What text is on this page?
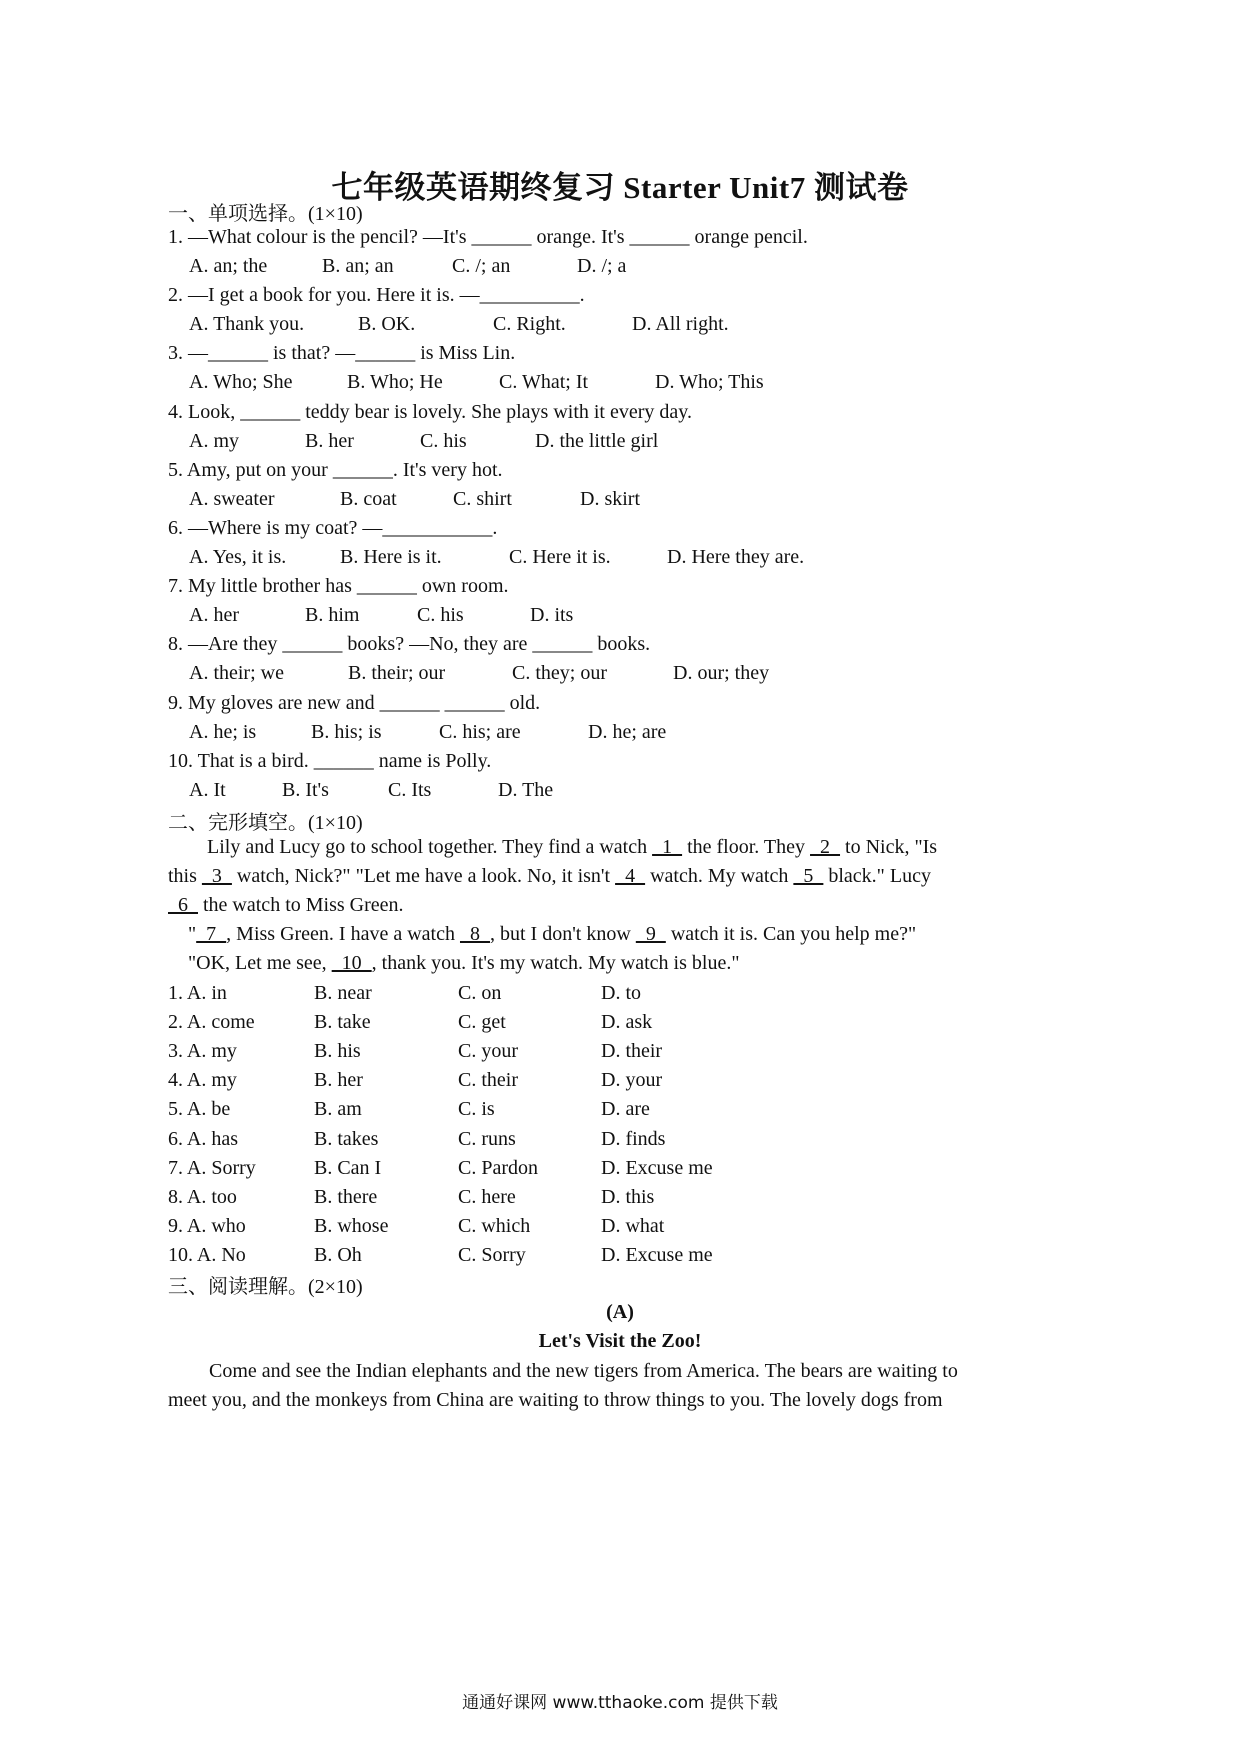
七年级英语期终复习 Starter Unit7 测试卷
一、单项选择。(1×10)
1. —What colour is the pencil? —It's ______ orange. It's ______ orange pencil.
A. an; the	B. an; an	C. /; an	D. /; a
2. —I get a book for you. Here it is. —__________.
A. Thank you.	B. OK.	C. Right.	D. All right.
3. —______ is that? —______ is Miss Lin.
A. Who; She	B. Who; He	C. What; It	D. Who; This
4. Look, ______ teddy bear is lovely. She plays with it every day.
A. my	B. her	C. his	D. the little girl
5. Amy, put on your ______. It's very hot.
A. sweater	B. coat	C. shirt	D. skirt
6. —Where is my coat? —___________.
A. Yes, it is.	B. Here is it.	C. Here it is.	D. Here they are.
7. My little brother has ______ own room.
A. her	B. him	C. his	D. its
8. —Are they ______ books? —No, they are ______ books.
A. their; we	B. their; our	C. they; our	D. our; they
9. My gloves are new and ______ ______ old.
A. he; is	B. his; is	C. his; are	D. he; are
10. That is a bird. ______ name is Polly.
A. It	B. It's	C. Its	D. The
二、完形填空。(1×10)
Lily and Lucy go to school together. They find a watch   1   the floor. They   2   to Nick, "Is
this   3   watch, Nick?" "Let me have a look. No, it isn't   4   watch. My watch   5   black." Lucy
6   the watch to Miss Green.
"  7  , Miss Green. I have a watch   8  , but I don't know   9   watch it is. Can you help me?"
"OK, Let me see,   10  , thank you. It's my watch. My watch is blue."
1. A. in	B. near	C. on	D. to
2. A. come	B. take	C. get	D. ask
3. A. my	B. his	C. your	D. their
4. A. my	B. her	C. their	D. your
5. A. be	B. am	C. is	D. are
6. A. has	B. takes	C. runs	D. finds
7. A. Sorry	B. Can I	C. Pardon	D. Excuse me
8. A. too	B. there	C. here	D. this
9. A. who	B. whose	C. which	D. what
10. A. No	B. Oh	C. Sorry	D. Excuse me
三、阅读理解。(2×10)
(A)
Let's Visit the Zoo!
Come and see the Indian elephants and the new tigers from America. The bears are waiting to
meet you, and the monkeys from China are waiting to throw things to you. The lovely dogs from
通通好课网 www.tthaoke.com 提供下载
